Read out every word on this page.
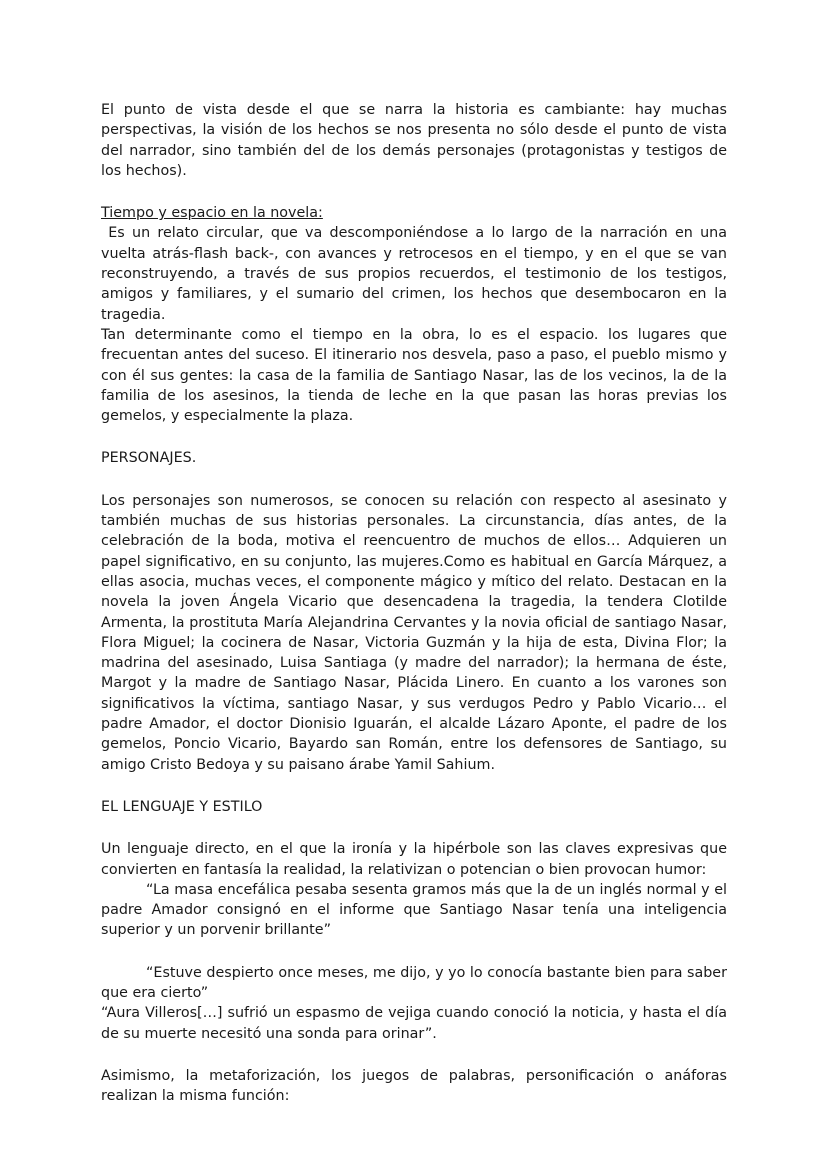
El punto de vista desde el que se narra la historia es cambiante: hay muchas perspectivas, la visión de los hechos se nos presenta no sólo desde el punto de vista del narrador, sino también del de los demás personajes (protagonistas y testigos de los hechos).

Tiempo y espacio en la novela:

Es un relato circular, que va descomponiéndose a lo largo de la narración en una vuelta atrás-flash back-, con avances y retrocesos en el tiempo, y en el que se van reconstruyendo, a través de sus propios recuerdos, el testimonio de los testigos, amigos y familiares, y el sumario del crimen, los hechos que desembocaron en la tragedia.

Tan determinante como el tiempo en la obra, lo es el espacio. los lugares que frecuentan antes del suceso. El itinerario nos desvela, paso a paso, el pueblo mismo y con él sus gentes: la casa de la familia de Santiago Nasar, las de los vecinos, la de la familia de los asesinos, la tienda de leche en la que pasan las horas previas los gemelos, y especialmente la plaza.

PERSONAJES.

Los personajes son numerosos, se conocen su relación con respecto al asesinato y también muchas de sus historias personales. La circunstancia, días antes, de la celebración de la boda, motiva el reencuentro de muchos de ellos… Adquieren un papel significativo, en su conjunto, las mujeres.Como es habitual en García Márquez, a ellas asocia, muchas veces, el componente mágico y mítico del relato. Destacan en la novela la joven Ángela Vicario que desencadena la tragedia, la tendera Clotilde Armenta, la prostituta María Alejandrina Cervantes y la novia oficial de santiago Nasar, Flora Miguel; la cocinera de Nasar, Victoria Guzmán y la hija de esta, Divina Flor; la madrina del asesinado, Luisa Santiaga (y madre del narrador); la hermana de éste, Margot y la madre de Santiago Nasar, Plácida Linero. En cuanto a los varones son significativos la víctima, santiago Nasar, y sus verdugos Pedro y Pablo Vicario… el padre Amador, el doctor Dionisio Iguarán, el alcalde Lázaro Aponte, el padre de los gemelos, Poncio Vicario, Bayardo san Román, entre los defensores de Santiago, su amigo Cristo Bedoya y su paisano árabe Yamil Sahium.

EL LENGUAJE Y ESTILO

Un lenguaje directo, en el que la ironía y la hipérbole son las claves expresivas que convierten en fantasía la realidad, la relativizan o potencian o bien provocan humor:

“La masa encefálica pesaba sesenta gramos más que la de un inglés normal y el padre Amador consignó en el informe que Santiago Nasar tenía una inteligencia superior y un porvenir brillante”

“Estuve despierto once meses, me dijo, y yo lo conocía bastante bien para saber que era cierto”

“Aura Villeros[…] sufrió un espasmo de vejiga cuando conoció la noticia, y hasta el día de su muerte necesitó una sonda para orinar”.

Asimismo, la metaforización, los juegos de palabras, personificación o anáforas realizan la misma función:
